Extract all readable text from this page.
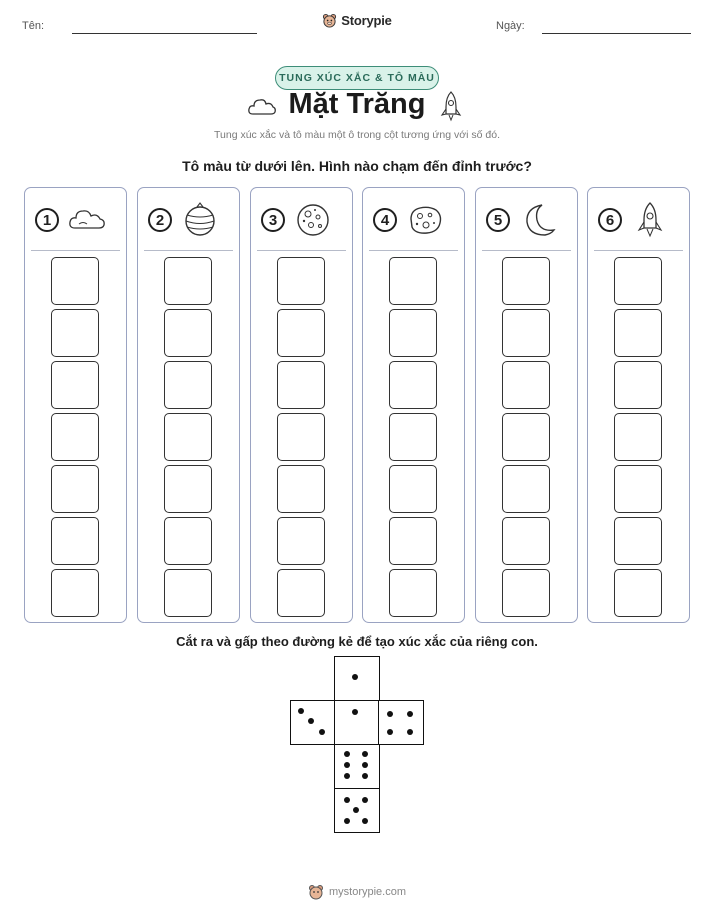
Tên:	Ngày:
Storypie
TUNG XÚC XẮC & TÔ MÀU
Mặt Trăng
Tung xúc xắc và tô màu một ô trong cột tương ứng với số đó.
Tô màu từ dưới lên. Hình nào chạm đến đỉnh trước?
1	2	3	4	5	6
Cắt ra và gấp theo đường kẻ để tạo xúc xắc của riêng con.
mystorypie.com
